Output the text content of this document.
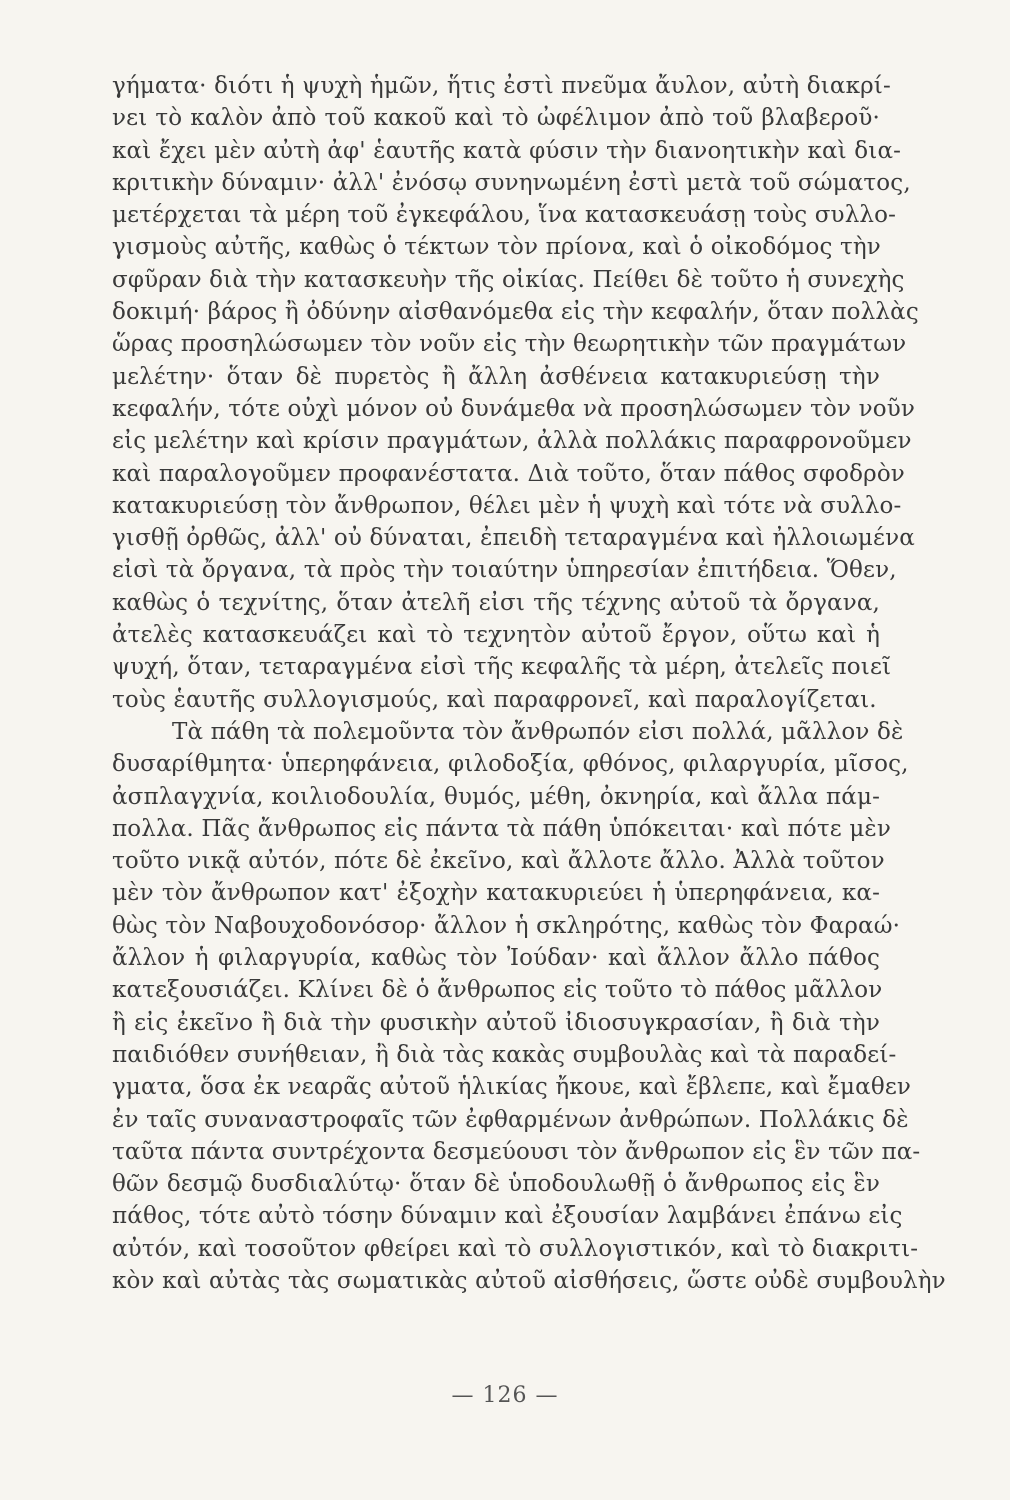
γήματα· διότι ἡ ψυχὴ ἡμῶν, ἥτις ἐστὶ πνεῦμα ἄυλον, αὐτὴ διακρί-
νει τὸ καλὸν ἀπὸ τοῦ κακοῦ καὶ τὸ ὠφέλιμον ἀπὸ τοῦ βλαβεροῦ·
καὶ ἔχει μὲν αὐτὴ ἀφ' ἑαυτῆς κατὰ φύσιν τὴν διανοητικὴν καὶ δια-
κριτικὴν δύναμιν· ἀλλ' ἐνόσῳ συνηνωμένη ἐστὶ μετὰ τοῦ σώματος,
μετέρχεται τὰ μέρη τοῦ ἐγκεφάλου, ἵνα κατασκευάσῃ τοὺς συλλο-
γισμοὺς αὐτῆς, καθὼς ὁ τέκτων τὸν πρίονα, καὶ ὁ οἰκοδόμος τὴν
σφῦραν διὰ τὴν κατασκευὴν τῆς οἰκίας. Πείθει δὲ τοῦτο ἡ συνεχὴς
δοκιμή· βάρος ἢ ὀδύνην αἰσθανόμεθα εἰς τὴν κεφαλήν, ὅταν πολλὰς
ὥρας προσηλώσωμεν τὸν νοῦν εἰς τὴν θεωρητικὴν τῶν πραγμάτων
μελέτην· ὅταν δὲ πυρετὸς ἢ ἄλλη ἀσθένεια κατακυριεύσῃ τὴν
κεφαλήν, τότε οὐχὶ μόνον οὐ δυνάμεθα νὰ προσηλώσωμεν τὸν νοῦν
εἰς μελέτην καὶ κρίσιν πραγμάτων, ἀλλὰ πολλάκις παραφρονοῦμεν
καὶ παραλογοῦμεν προφανέστατα. Διὰ τοῦτο, ὅταν πάθος σφοδρὸν
κατακυριεύσῃ τὸν ἄνθρωπον, θέλει μὲν ἡ ψυχὴ καὶ τότε νὰ συλλο-
γισθῇ ὀρθῶς, ἀλλ' οὐ δύναται, ἐπειδὴ τεταραγμένα καὶ ἠλλοιωμένα
εἰσὶ τὰ ὄργανα, τὰ πρὸς τὴν τοιαύτην ὑπηρεσίαν ἐπιτήδεια. Ὅθεν,
καθὼς ὁ τεχνίτης, ὅταν ἀτελῆ εἰσι τῆς τέχνης αὐτοῦ τὰ ὄργανα,
ἀτελὲς κατασκευάζει καὶ τὸ τεχνητὸν αὐτοῦ ἔργον, οὕτω καὶ ἡ
ψυχή, ὅταν, τεταραγμένα εἰσὶ τῆς κεφαλῆς τὰ μέρη, ἀτελεῖς ποιεῖ
τοὺς ἑαυτῆς συλλογισμούς, καὶ παραφρονεῖ, καὶ παραλογίζεται.
Τὰ πάθη τὰ πολεμοῦντα τὸν ἄνθρωπόν εἰσι πολλά, μᾶλλον δὲ
δυσαρίθμητα· ὑπερηφάνεια, φιλοδοξία, φθόνος, φιλαργυρία, μῖσος,
ἀσπλαγχνία, κοιλιοδουλία, θυμός, μέθη, ὀκνηρία, καὶ ἄλλα πάμ-
πολλα. Πᾶς ἄνθρωπος εἰς πάντα τὰ πάθη ὑπόκειται· καὶ πότε μὲν
τοῦτο νικᾷ αὐτόν, πότε δὲ ἐκεῖνο, καὶ ἄλλοτε ἄλλο. Ἀλλὰ τοῦτον
μὲν τὸν ἄνθρωπον κατ' ἐξοχὴν κατακυριεύει ἡ ὑπερηφάνεια, κα-
θὼς τὸν Ναβουχοδονόσορ· ἄλλον ἡ σκληρότης, καθὼς τὸν Φαραώ·
ἄλλον ἡ φιλαργυρία, καθὼς τὸν Ἰούδαν· καὶ ἄλλον ἄλλο πάθος
κατεξουσιάζει. Κλίνει δὲ ὁ ἄνθρωπος εἰς τοῦτο τὸ πάθος μᾶλλον
ἢ εἰς ἐκεῖνο ἢ διὰ τὴν φυσικὴν αὐτοῦ ἰδιοσυγκρασίαν, ἢ διὰ τὴν
παιδιόθεν συνήθειαν, ἢ διὰ τὰς κακὰς συμβουλὰς καὶ τὰ παραδεί-
γματα, ὅσα ἐκ νεαρᾶς αὐτοῦ ἡλικίας ἤκουε, καὶ ἔβλεπε, καὶ ἔμαθεν
ἐν ταῖς συναναστροφαῖς τῶν ἐφθαρμένων ἀνθρώπων. Πολλάκις δὲ
ταῦτα πάντα συντρέχοντα δεσμεύουσι τὸν ἄνθρωπον εἰς ἓν τῶν πα-
θῶν δεσμῷ δυσδιαλύτῳ· ὅταν δὲ ὑποδουλωθῇ ὁ ἄνθρωπος εἰς ἓν
πάθος, τότε αὐτὸ τόσην δύναμιν καὶ ἐξουσίαν λαμβάνει ἐπάνω εἰς
αὐτόν, καὶ τοσοῦτον φθείρει καὶ τὸ συλλογιστικόν, καὶ τὸ διακριτι-
κὸν καὶ αὐτὰς τὰς σωματικὰς αὐτοῦ αἰσθήσεις, ὥστε οὐδὲ συμβουλὴν
— 126 —
